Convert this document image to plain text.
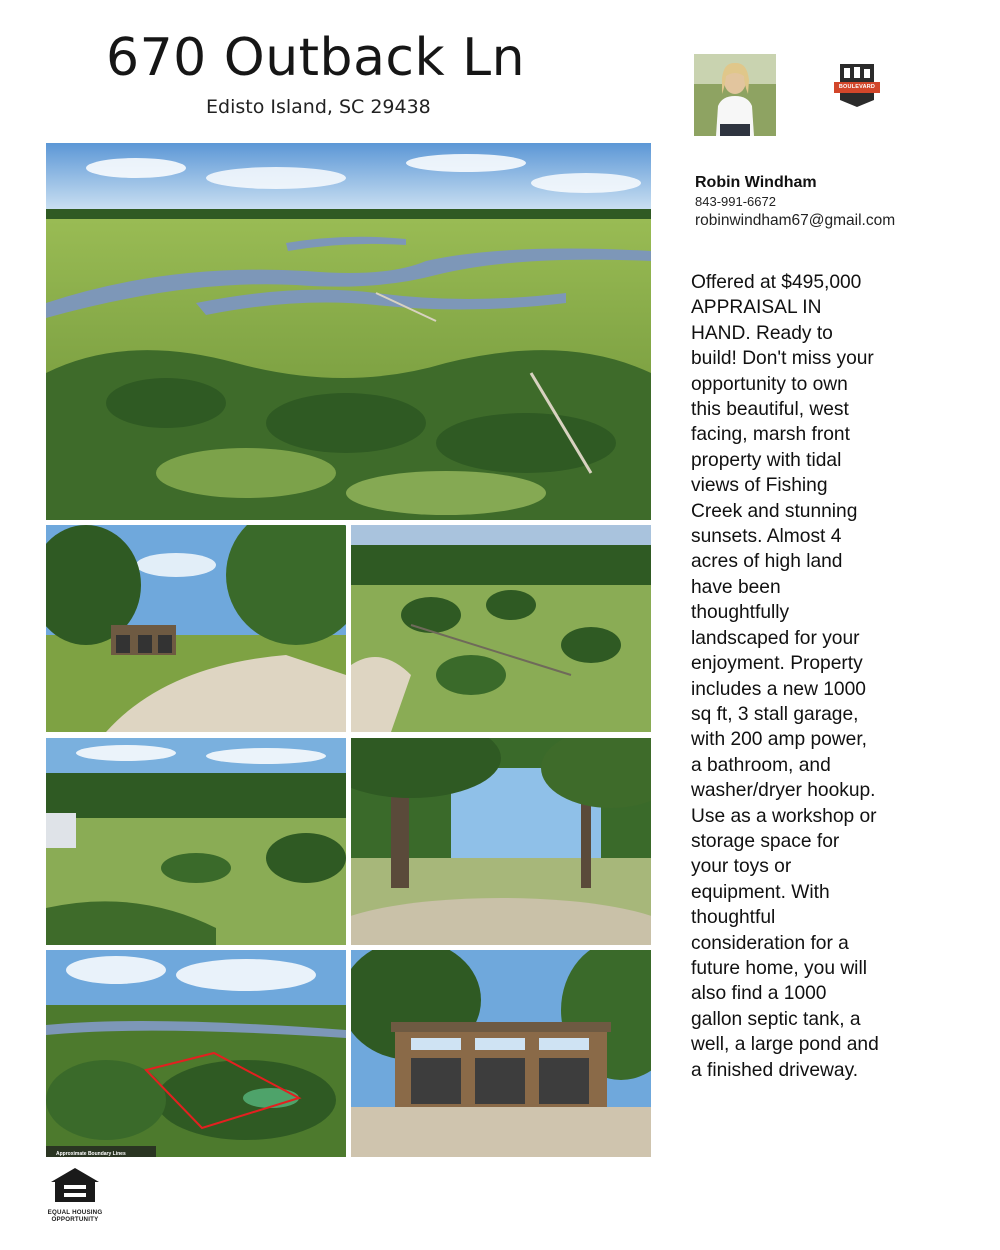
670 Outback Ln
Edisto Island, SC 29438
BOULEVARD
Robin Windham
843-991-6672
robinwindham67@gmail.com
Offered at $495,000 APPRAISAL IN HAND. Ready to build! Don't miss your opportunity to own this beautiful, west facing, marsh front property with tidal views of Fishing Creek and stunning sunsets. Almost 4 acres of high land have been thoughtfully landscaped for your enjoyment. Property includes a new 1000 sq ft, 3 stall garage, with 200 amp power, a bathroom, and washer/dryer hookup. Use as a workshop or storage space for your toys or equipment. With thoughtful consideration for a future home, you will also find a 1000 gallon septic tank, a well, a large pond and a finished driveway.
Approximate Boundary Lines
EQUAL HOUSING
OPPORTUNITY
